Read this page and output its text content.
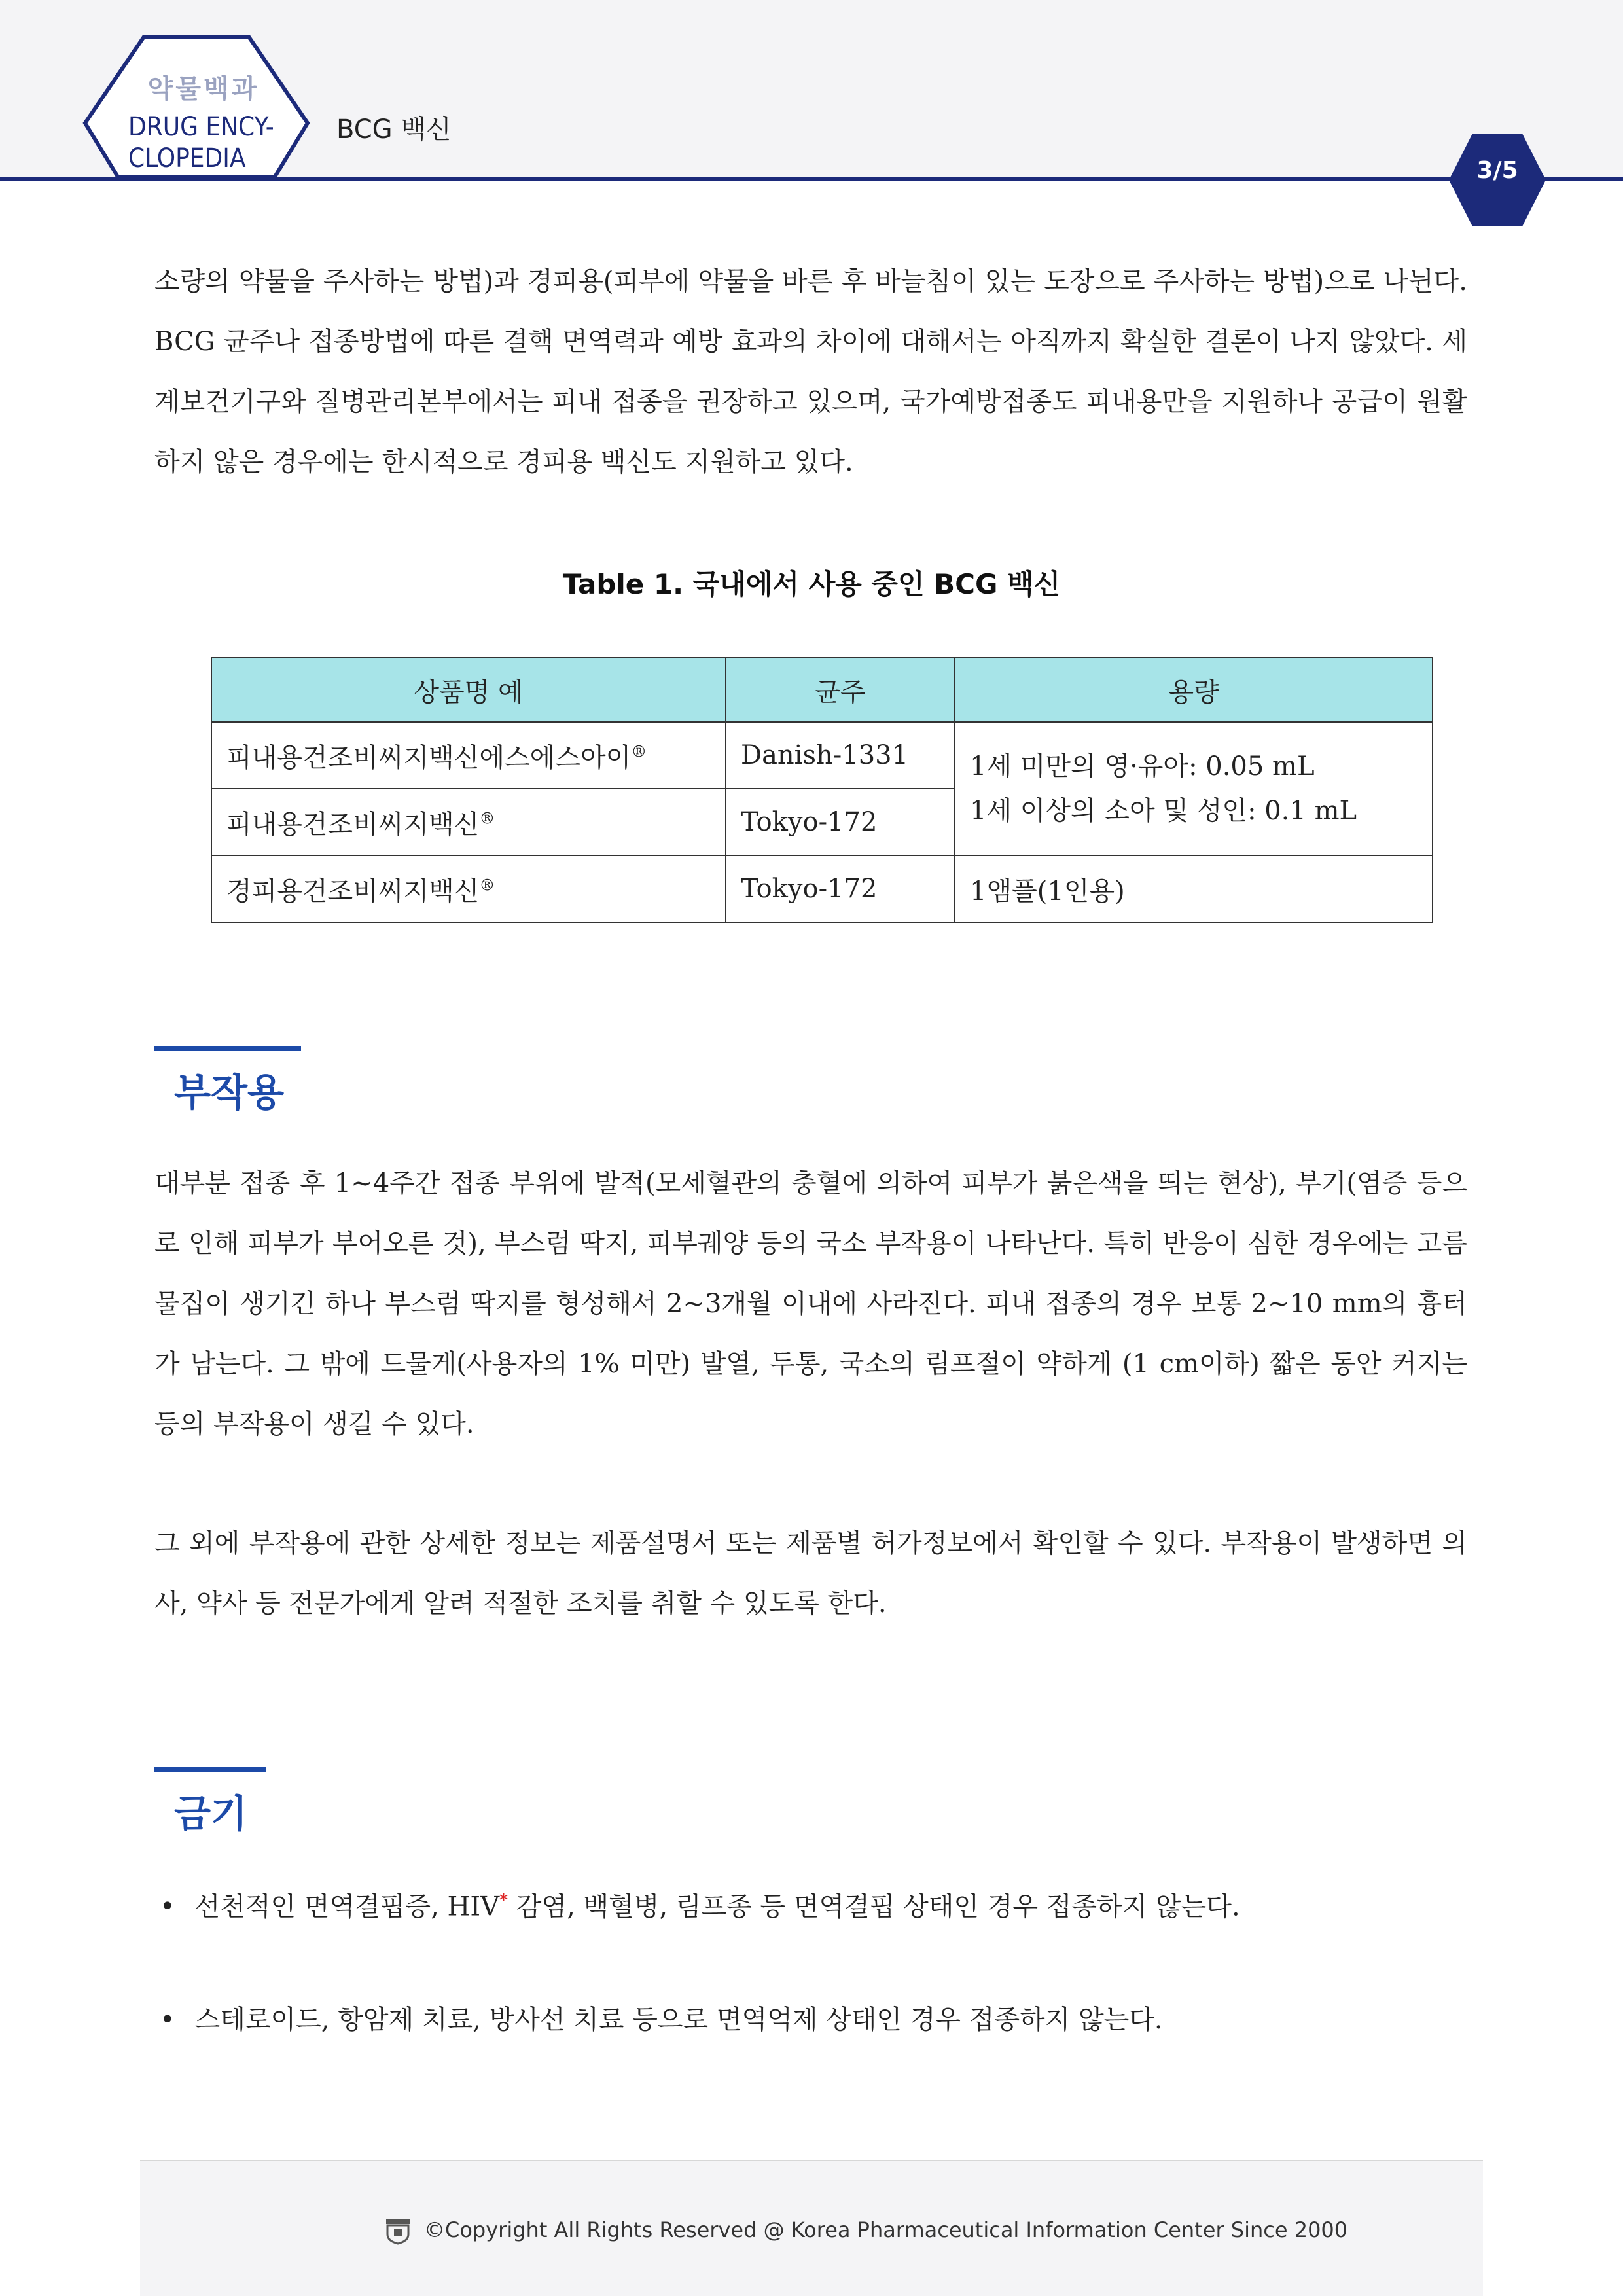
약물백과
DRUG ENCY-
CLOPEDIA
BCG 백신
3/5

소량의 약물을 주사하는 방법)과 경피용(피부에 약물을 바른 후 바늘침이 있는 도장으로 주사하는 방법)으로 나뉜다. BCG 균주나 접종방법에 따른 결핵 면역력과 예방 효과의 차이에 대해서는 아직까지 확실한 결론이 나지 않았다. 세계보건기구와 질병관리본부에서는 피내 접종을 권장하고 있으며, 국가예방접종도 피내용만을 지원하나 공급이 원활하지 않은 경우에는 한시적으로 경피용 백신도 지원하고 있다.

Table 1. 국내에서 사용 중인 BCG 백신
상품명 예	균주	용량
피내용건조비씨지백신에스에스아이®	Danish-1331	1세 미만의 영·유아: 0.05 mL
1세 이상의 소아 및 성인: 0.1 mL

피내용건조비씨지백신®	Tokyo-172	
경피용건조비씨지백신®	Tokyo-172	1앰플(1인용)
부작용

대부분 접종 후 1~4주간 접종 부위에 발적(모세혈관의 충혈에 의하여 피부가 붉은색을 띄는 현상), 부기(염증 등으로 인해 피부가 부어오른 것), 부스럼 딱지, 피부궤양 등의 국소 부작용이 나타난다. 특히 반응이 심한 경우에는 고름 물집이 생기긴 하나 부스럼 딱지를 형성해서 2~3개월 이내에 사라진다. 피내 접종의 경우 보통 2~10 mm의 흉터가 남는다. 그 밖에 드물게(사용자의 1% 미만) 발열, 두통, 국소의 림프절이 약하게 (1 cm이하) 짧은 동안 커지는 등의 부작용이 생길 수 있다.

그 외에 부작용에 관한 상세한 정보는 제품설명서 또는 제품별 허가정보에서 확인할 수 있다. 부작용이 발생하면 의사, 약사 등 전문가에게 알려 적절한 조치를 취할 수 있도록 한다.

금기
• 선천적인 면역결핍증, HIV* 감염, 백혈병, 림프종 등 면역결핍 상태인 경우 접종하지 않는다.
• 스테로이드, 항암제 치료, 방사선 치료 등으로 면역억제 상태인 경우 접종하지 않는다.
©Copyright All Rights Reserved @ Korea Pharmaceutical Information Center Since 2000
